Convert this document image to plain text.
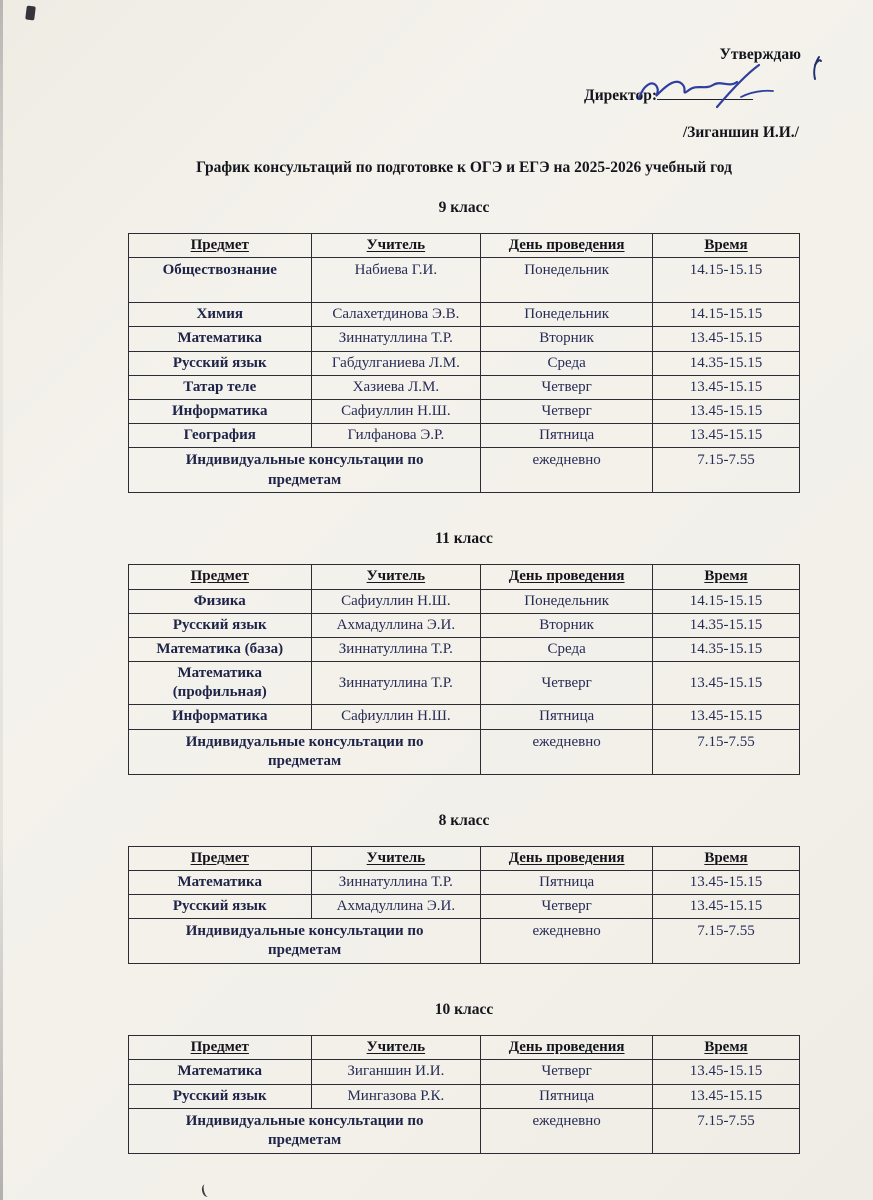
Утверждаю
Директор:
/Зиганшин И.И./
График консультаций по подготовке к ОГЭ и ЕГЭ на 2025-2026 учебный год
9 класс
Предмет	Учитель	День проведения	Время
Обществознание	Набиева Г.И.	Понедельник	14.15-15.15
Химия	Салахетдинова Э.В.	Понедельник	14.15-15.15
Математика	Зиннатуллина Т.Р.	Вторник	13.45-15.15
Русский язык	Габдулганиева Л.М.	Среда	14.35-15.15
Татар теле	Хазиева Л.М.	Четверг	13.45-15.15
Информатика	Сафиуллин Н.Ш.	Четверг	13.45-15.15
География	Гилфанова Э.Р.	Пятница	13.45-15.15
Индивидуальные консультации по предметам		ежедневно	7.15-7.55
11 класс
Предмет	Учитель	День проведения	Время
Физика	Сафиуллин Н.Ш.	Понедельник	14.15-15.15
Русский язык	Ахмадуллина Э.И.	Вторник	14.35-15.15
Математика (база)	Зиннатуллина Т.Р.	Среда	14.35-15.15
Математика (профильная)	Зиннатуллина Т.Р.	Четверг	13.45-15.15
Информатика	Сафиуллин Н.Ш.	Пятница	13.45-15.15
Индивидуальные консультации по предметам		ежедневно	7.15-7.55
8 класс
Предмет	Учитель	День проведения	Время
Математика	Зиннатуллина Т.Р.	Пятница	13.45-15.15
Русский язык	Ахмадуллина Э.И.	Четверг	13.45-15.15
Индивидуальные консультации по предметам		ежедневно	7.15-7.55
10 класс
Предмет	Учитель	День проведения	Время
Математика	Зиганшин И.И.	Четверг	13.45-15.15
Русский язык	Мингазова Р.К.	Пятница	13.45-15.15
Индивидуальные консультации по предметам		ежедневно	7.15-7.55
